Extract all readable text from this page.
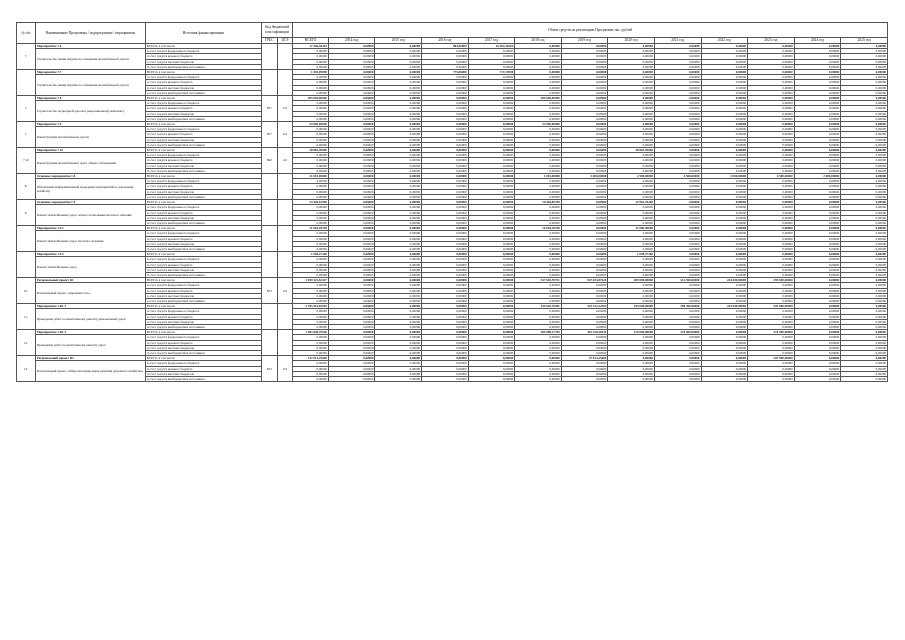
№ п/п	Наименование Программы / подпрограммы / мероприятия	Источник финансирования	Код бюджетной классификации		Объем средств на реализацию Программы тыс. рублей												
			ГРБС	ЦСР	ВСЕГО	2014 год	2015 год	2016 год	2017 год	2018 год	2019 год	2020 год	2021 год	2022 год	2023 год	2024 год	2025 год
7.	Мероприятие 7.6	ВСЕГО, в том числе:			17 446,46304	0,00000	0,00000	884,00000	16 562,46304	0,00000	0,00000	0,00000	0,00000	0,00000	0,00000	0,00000	0,00000
	Строительство линии наружного освещения автомобильной дороги	за счет средств федерального бюджета			0,00000	0,00000	0,00000	0,00000	0,00000	0,00000	0,00000	0,00000	0,00000	0,00000	0,00000	0,00000	0,00000
		за счет средств краевого бюджета			0,00000	0,00000	0,00000	0,00000	0,00000	0,00000	0,00000	0,00000	0,00000	0,00000	0,00000	0,00000	0,00000
		за счет средств местных бюджетов			0,00000	0,00000	0,00000	0,00000	0,00000	0,00000	0,00000	0,00000	0,00000	0,00000	0,00000	0,00000	0,00000
		за счет средств внебюджетных источников			0,00000	0,00000	0,00000	0,00000	0,00000	0,00000	0,00000	0,00000	0,00000	0,00000	0,00000	0,00000	0,00000
	Мероприятие 7.7	ВСЕГО, в том числе:			1 493,09998	0,00000	0,00000	775,86000	717,23998	0,00000	0,00000	0,00000	0,00000	0,00000	0,00000	0,00000	0,00000
	Строительство линии наружного освещения автомобильной дороги	за счет средств федерального бюджета			0,00000	0,00000	0,00000	0,00000	0,00000	0,00000	0,00000	0,00000	0,00000	0,00000	0,00000	0,00000	0,00000
		за счет средств краевого бюджета			0,00000	0,00000	0,00000	0,00000	0,00000	0,00000	0,00000	0,00000	0,00000	0,00000	0,00000	0,00000	0,00000
		за счет средств местных бюджетов			0,00000	0,00000	0,00000	0,00000	0,00000	0,00000	0,00000	0,00000	0,00000	0,00000	0,00000	0,00000	0,00000
		за счет средств внебюджетных источников			0,00000	0,00000	0,00000	0,00000	0,00000	0,00000	0,00000	0,00000	0,00000	0,00000	0,00000	0,00000	0,00000
7.	Мероприятие 7.8	ВСЕГО, в том числе:	857	121	385 650,00000	0,00000	0,00000	0,00000	0,00000	385 650,00000	0,00000	0,00000	0,00000	0,00000	0,00000	0,00000	0,00000
	Строительство подъездной дороги к рекреационному комплексу	за счет средств федерального бюджета			0,00000	0,00000	0,00000	0,00000	0,00000	0,00000	0,00000	0,00000	0,00000	0,00000	0,00000	0,00000	0,00000
		за счет средств краевого бюджета			0,00000	0,00000	0,00000	0,00000	0,00000	0,00000	0,00000	0,00000	0,00000	0,00000	0,00000	0,00000	0,00000
		за счет средств местных бюджетов			0,00000	0,00000	0,00000	0,00000	0,00000	0,00000	0,00000	0,00000	0,00000	0,00000	0,00000	0,00000	0,00000
		за счет средств внебюджетных источников			0,00000	0,00000	0,00000	0,00000	0,00000	0,00000	0,00000	0,00000	0,00000	0,00000	0,00000	0,00000	0,00000
7.	Мероприятие 7.9	ВСЕГО, в том числе:	857	121	54 000,00000	0,00000	0,00000	0,00000	0,00000	54 000,00000	0,00000	0,00000	0,00000	0,00000	0,00000	0,00000	0,00000
	Реконструкция автомобильной дороги	за счет средств федерального бюджета			0,00000	0,00000	0,00000	0,00000	0,00000	0,00000	0,00000	0,00000	0,00000	0,00000	0,00000	0,00000	0,00000
		за счет средств краевого бюджета			0,00000	0,00000	0,00000	0,00000	0,00000	0,00000	0,00000	0,00000	0,00000	0,00000	0,00000	0,00000	0,00000
		за счет средств местных бюджетов			0,00000	0,00000	0,00000	0,00000	0,00000	0,00000	0,00000	0,00000	0,00000	0,00000	0,00000	0,00000	0,00000
		за счет средств внебюджетных источников			0,00000	0,00000	0,00000	0,00000	0,00000	0,00000	0,00000	0,00000	0,00000	0,00000	0,00000	0,00000	0,00000
7.10	Мероприятие 7.10	ВСЕГО, в том числе:	860	121	38 882,49000	0,00000	0,00000	0,00000	0,00000	0,00000	0,00000	38 882,49000	0,00000	0,00000	0,00000	0,00000	0,00000
	Реконструкция автомобильных дорог общего пользования	за счет средств федерального бюджета			0,00000	0,00000	0,00000	0,00000	0,00000	0,00000	0,00000	0,00000	0,00000	0,00000	0,00000	0,00000	0,00000
		за счет средств краевого бюджета			0,00000	0,00000	0,00000	0,00000	0,00000	0,00000	0,00000	0,00000	0,00000	0,00000	0,00000	0,00000	0,00000
		за счет средств местных бюджетов			0,00000	0,00000	0,00000	0,00000	0,00000	0,00000	0,00000	0,00000	0,00000	0,00000	0,00000	0,00000	0,00000
		за счет средств внебюджетных источников			0,00000	0,00000	0,00000	0,00000	0,00000	0,00000	0,00000	0,00000	0,00000	0,00000	0,00000	0,00000	0,00000
8.	Основное мероприятие 1.8	ВСЕГО, в том числе:			21 001,00000	0,00000	0,00000	0,00000	0,00000	1 001,00000	3 000,00000	2 500,00000	4 500,00000	4 500,00000	4 500,00000	2 000,00000	0,00000
	Обеспечение информационной поддержки мероприятий по дорожному хозяйству	за счет средств федерального бюджета			0,00000	0,00000	0,00000	0,00000	0,00000	0,00000	0,00000	0,00000	0,00000	0,00000	0,00000	0,00000	0,00000
		за счет средств краевого бюджета			0,00000	0,00000	0,00000	0,00000	0,00000	0,00000	0,00000	0,00000	0,00000	0,00000	0,00000	0,00000	0,00000
		за счет средств местных бюджетов			0,00000	0,00000	0,00000	0,00000	0,00000	0,00000	0,00000	0,00000	0,00000	0,00000	0,00000	0,00000	0,00000
		за счет средств внебюджетных источников			0,00000	0,00000	0,00000	0,00000	0,00000	0,00000	0,00000	0,00000	0,00000	0,00000	0,00000	0,00000	0,00000
9.	Основное мероприятие 1.9	ВСЕГО, в том числе:			23 446,61960	0,00000	0,00000	0,00000	0,00000	10 464,85700	0,00000	12 981,76260	0,00000	0,00000	0,00000	0,00000	0,00000
	Ремонт автомобильных дорог общего пользования местного значения	за счет средств федерального бюджета			0,00000	0,00000	0,00000	0,00000	0,00000	0,00000	0,00000	0,00000	0,00000	0,00000	0,00000	0,00000	0,00000
		за счет средств краевого бюджета			0,00000	0,00000	0,00000	0,00000	0,00000	0,00000	0,00000	0,00000	0,00000	0,00000	0,00000	0,00000	0,00000
		за счет средств местных бюджетов			0,00000	0,00000	0,00000	0,00000	0,00000	0,00000	0,00000	0,00000	0,00000	0,00000	0,00000	0,00000	0,00000
		за счет средств внебюджетных источников			0,00000	0,00000	0,00000	0,00000	0,00000	0,00000	0,00000	0,00000	0,00000	0,00000	0,00000	0,00000	0,00000
	Мероприятие 1.9.1	ВСЕГО, в том числе:			21 004,20700	0,00000	0,00000	0,00000	0,00000	10 004,20700	0,00000	11 000,00000	0,00000	0,00000	0,00000	0,00000	0,00000
	Ремонт автомобильных дорог местного значения	за счет средств федерального бюджета			0,00000	0,00000	0,00000	0,00000	0,00000	0,00000	0,00000	0,00000	0,00000	0,00000	0,00000	0,00000	0,00000
		за счет средств краевого бюджета			0,00000	0,00000	0,00000	0,00000	0,00000	0,00000	0,00000	0,00000	0,00000	0,00000	0,00000	0,00000	0,00000
		за счет средств местных бюджетов			0,00000	0,00000	0,00000	0,00000	0,00000	0,00000	0,00000	0,00000	0,00000	0,00000	0,00000	0,00000	0,00000
		за счет средств внебюджетных источников			0,00000	0,00000	0,00000	0,00000	0,00000	0,00000	0,00000	0,00000	0,00000	0,00000	0,00000	0,00000	0,00000
	Мероприятие 1.9.2	ВСЕГО, в том числе:			1 690,27260	0,00000	0,00000	0,00000	0,00000	0,00000	0,00000	1 690,27260	0,00000	0,00000	0,00000	0,00000	0,00000
	Ремонт автомобильных дорог	за счет средств федерального бюджета			0,00000	0,00000	0,00000	0,00000	0,00000	0,00000	0,00000	0,00000	0,00000	0,00000	0,00000	0,00000	0,00000
		за счет средств краевого бюджета			0,00000	0,00000	0,00000	0,00000	0,00000	0,00000	0,00000	0,00000	0,00000	0,00000	0,00000	0,00000	0,00000
		за счет средств местных бюджетов			0,00000	0,00000	0,00000	0,00000	0,00000	0,00000	0,00000	0,00000	0,00000	0,00000	0,00000	0,00000	0,00000
		за счет средств внебюджетных источников			0,00000	0,00000	0,00000	0,00000	0,00000	0,00000	0,00000	0,00000	0,00000	0,00000	0,00000	0,00000	0,00000
10.	Региональный проект R1	ВСЕГО, в том числе:	853	121	3 099 324,82427	0,00000	0,00000	0,00000	0,00000	547 692,59751	947 043,87624	489 000,00000	412 590,00000	244 049,00000	295 000,00000	0,00000	0,00000
	Региональный проект «Дорожная сеть»	за счет средств федерального бюджета			0,00000	0,00000	0,00000	0,00000	0,00000	0,00000	0,00000	0,00000	0,00000	0,00000	0,00000	0,00000	0,00000
		за счет средств краевого бюджета			0,00000	0,00000	0,00000	0,00000	0,00000	0,00000	0,00000	0,00000	0,00000	0,00000	0,00000	0,00000	0,00000
		за счет средств местных бюджетов			0,00000	0,00000	0,00000	0,00000	0,00000	0,00000	0,00000	0,00000	0,00000	0,00000	0,00000	0,00000	0,00000
		за счет средств внебюджетных источников			0,00000	0,00000	0,00000	0,00000	0,00000	0,00000	0,00000	0,00000	0,00000	0,00000	0,00000	0,00000	0,00000
11.	Мероприятие 1.R1.1	ВСЕГО, в том числе:			2 785 516,82903	0,00000	0,00000	0,00000	0,00000	445 618,70381	423 512,32503	345 000,00000	268 390,00000	244 049,00000	295 000,00000	0,00000	0,00000
	Проведение работ по капитальному ремонту региональных дорог	за счет средств федерального бюджета			0,00000	0,00000	0,00000	0,00000	0,00000	0,00000	0,00000	0,00000	0,00000	0,00000	0,00000	0,00000	0,00000
		за счет средств краевого бюджета			0,00000	0,00000	0,00000	0,00000	0,00000	0,00000	0,00000	0,00000	0,00000	0,00000	0,00000	0,00000	0,00000
		за счет средств местных бюджетов			0,00000	0,00000	0,00000	0,00000	0,00000	0,00000	0,00000	0,00000	0,00000	0,00000	0,00000	0,00000	0,00000
		за счет средств внебюджетных источников			0,00000	0,00000	0,00000	0,00000	0,00000	0,00000	0,00000	0,00000	0,00000	0,00000	0,00000	0,00000	0,00000
12.	Мероприятие 1.R1.2	ВСЕГО, в том числе:			1 983 648,79546	0,00000	0,00000	0,00000	0,00000	385 088,27769	415 528,20434	270 000,00000	270 000,00000	0,00000	270 000,00000	0,00000	0,00000
	Проведение работ по капитальному ремонту дорог	за счет средств федерального бюджета			0,00000	0,00000	0,00000	0,00000	0,00000	0,00000	0,00000	0,00000	0,00000	0,00000	0,00000	0,00000	0,00000
		за счет средств краевого бюджета			0,00000	0,00000	0,00000	0,00000	0,00000	0,00000	0,00000	0,00000	0,00000	0,00000	0,00000	0,00000	0,00000
		за счет средств местных бюджетов			0,00000	0,00000	0,00000	0,00000	0,00000	0,00000	0,00000	0,00000	0,00000	0,00000	0,00000	0,00000	0,00000
		за счет средств внебюджетных источников			0,00000	0,00000	0,00000	0,00000	0,00000	0,00000	0,00000	0,00000	0,00000	0,00000	0,00000	0,00000	0,00000
13.	Региональный проект R2	ВСЕГО, в том числе:	853	121	232 914,25000	0,00000	0,00000	0,00000	0,00000	0,00000	27 014,25000	0,00000	0,00000	0,00000	205 900,00000	0,00000	0,00000
	Региональный проект «Общесистемные меры развития дорожного хозяйства»	за счет средств федерального бюджета			0,00000	0,00000	0,00000	0,00000	0,00000	0,00000	0,00000	0,00000	0,00000	0,00000	0,00000	0,00000	0,00000
		за счет средств краевого бюджета			0,00000	0,00000	0,00000	0,00000	0,00000	0,00000	0,00000	0,00000	0,00000	0,00000	0,00000	0,00000	0,00000
		за счет средств местных бюджетов			0,00000	0,00000	0,00000	0,00000	0,00000	0,00000	0,00000	0,00000	0,00000	0,00000	0,00000	0,00000	0,00000
		за счет средств внебюджетных источников			0,00000	0,00000	0,00000	0,00000	0,00000	0,00000	0,00000	0,00000	0,00000	0,00000	0,00000	0,00000	0,00000
